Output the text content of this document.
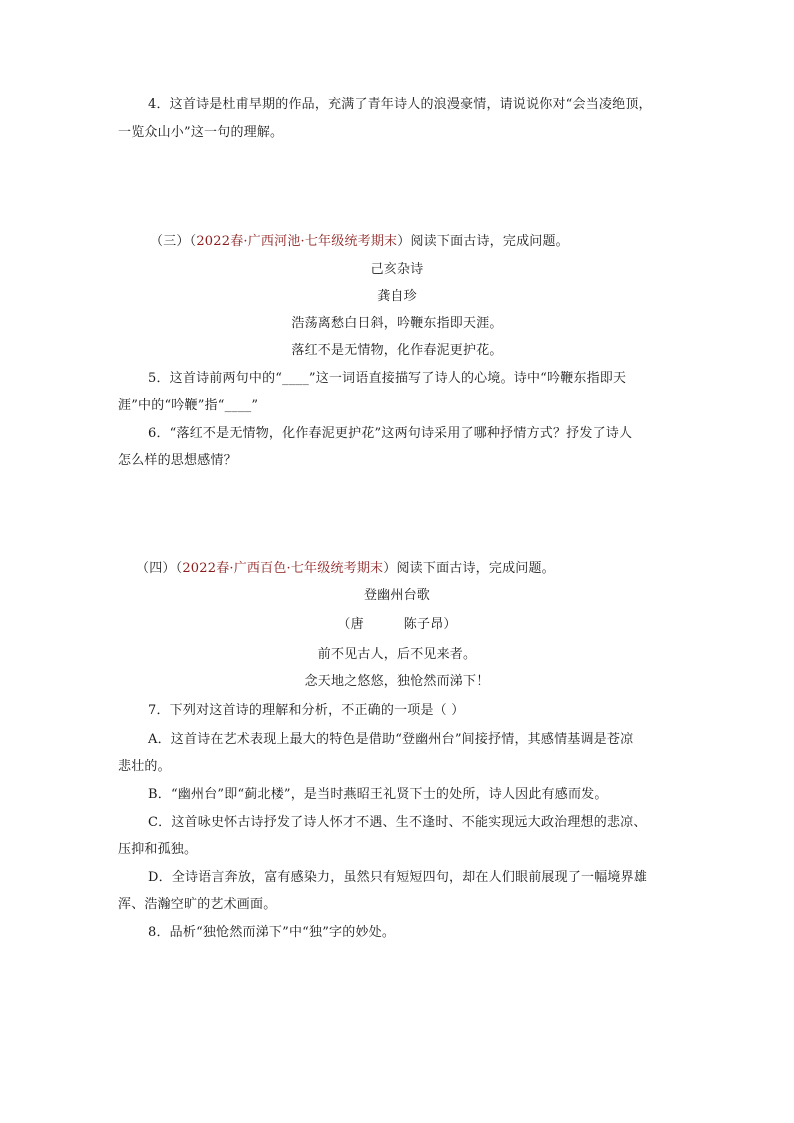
4．这首诗是杜甫早期的作品，充满了青年诗人的浪漫豪情，请说说你对“会当凌绝顶，
一览众山小”这一句的理解。
（三）（2022春·广西河池·七年级统考期末）阅读下面古诗，完成问题。
己亥杂诗
龚自珍
浩荡离愁白日斜，吟鞭东指即天涯。
落红不是无情物，化作春泥更护花。
5．这首诗前两句中的“____”这一词语直接描写了诗人的心境。诗中“吟鞭东指即天
涯”中的“吟鞭”指“____”
6．“落红不是无情物，化作春泥更护花”这两句诗采用了哪种抒情方式？抒发了诗人
怎么样的思想感情？
（四）（2022春·广西百色·七年级统考期末）阅读下面古诗，完成问题。
登幽州台歌
（唐	陈子昂）
前不见古人，后不见来者。
念天地之悠悠，独怆然而涕下！
7．下列对这首诗的理解和分析，不正确的一项是（ ）
A．这首诗在艺术表现上最大的特色是借助“登幽州台”间接抒情，其感情基调是苍凉
悲壮的。
B．“幽州台”即“蓟北楼”，是当时燕昭王礼贤下士的处所，诗人因此有感而发。
C．这首咏史怀古诗抒发了诗人怀才不遇、生不逢时、不能实现远大政治理想的悲凉、
压抑和孤独。
D．全诗语言奔放，富有感染力，虽然只有短短四句，却在人们眼前展现了一幅境界雄
浑、浩瀚空旷的艺术画面。
8．品析“独怆然而涕下”中“独”字的妙处。
